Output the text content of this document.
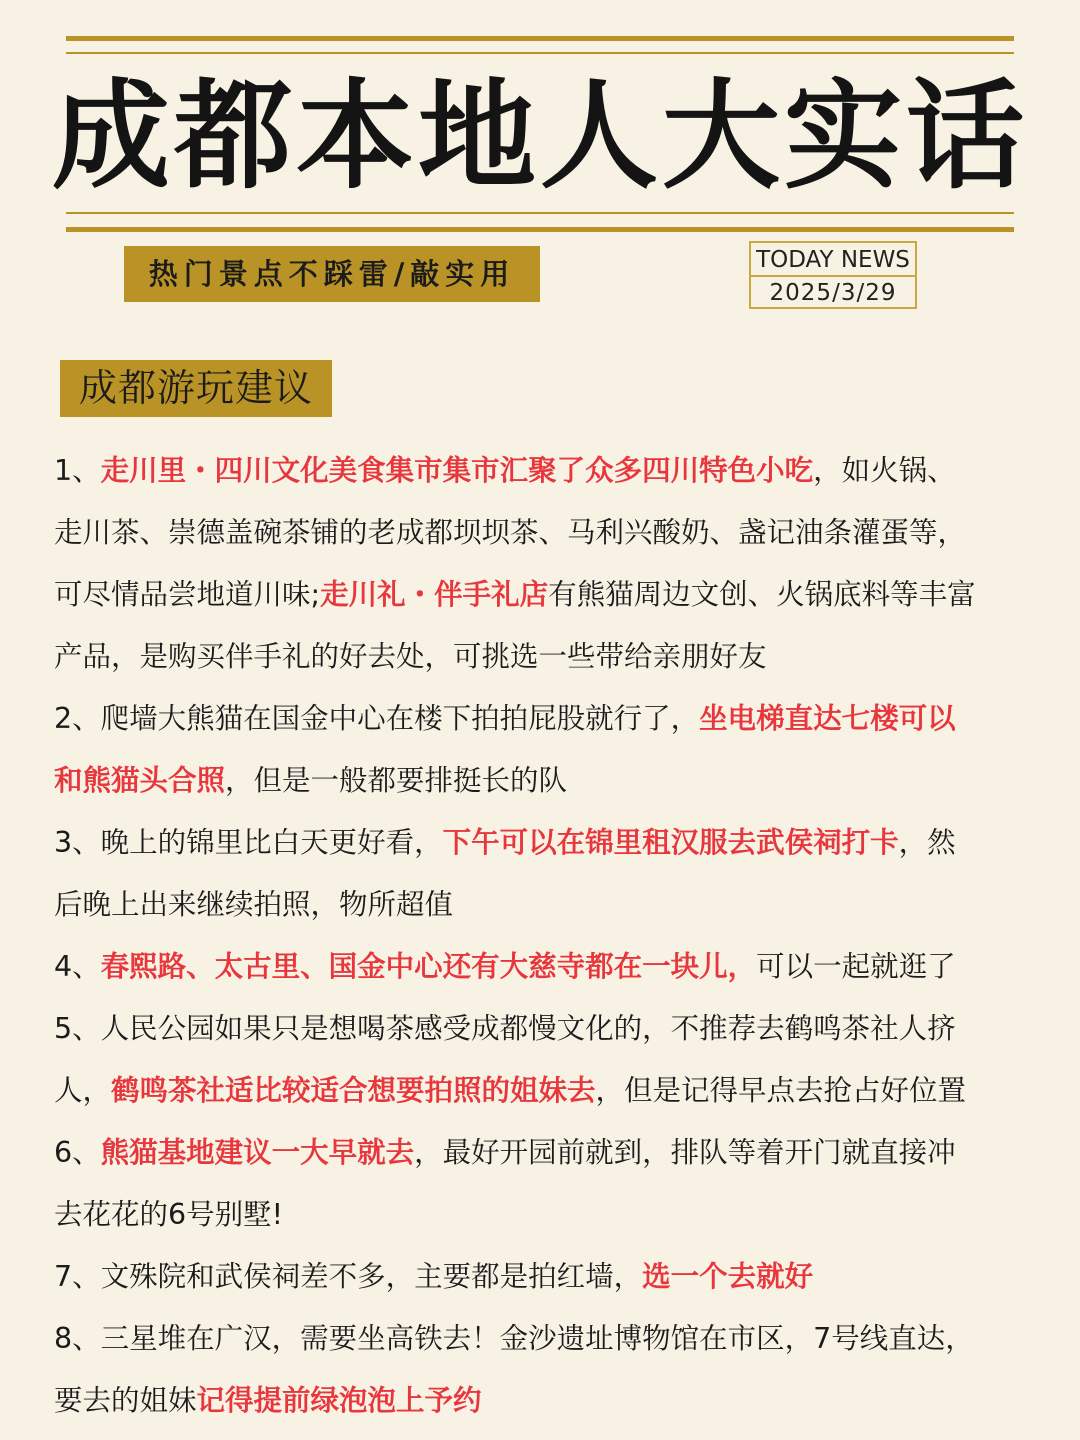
成都本地人大实话
热门景点不踩雷/敲实用	TODAY NEWS
2025/3/29
成都游玩建议
1、走川里・四川文化美食集市集市汇聚了众多四川特色小吃，如火锅、
走川茶、崇德盖碗茶铺的老成都坝坝茶、马利兴酸奶、盏记油条灌蛋等，
可尽情品尝地道川味;走川礼・伴手礼店有熊猫周边文创、火锅底料等丰富
产品，是购买伴手礼的好去处，可挑选一些带给亲朋好友
2、爬墙大熊猫在国金中心在楼下拍拍屁股就行了，坐电梯直达七楼可以
和熊猫头合照，但是一般都要排挺长的队
3、晚上的锦里比白天更好看，下午可以在锦里租汉服去武侯祠打卡，然
后晚上出来继续拍照，物所超值
4、春熙路、太古里、国金中心还有大慈寺都在一块儿，可以一起就逛了
5、人民公园如果只是想喝茶感受成都慢文化的，不推荐去鹤鸣茶社人挤
人，鹤鸣茶社适比较适合想要拍照的姐妹去，但是记得早点去抢占好位置
6、熊猫基地建议一大早就去，最好开园前就到，排队等着开门就直接冲
去花花的6号别墅!
7、文殊院和武侯祠差不多，主要都是拍红墙，选一个去就好
8、三星堆在广汉，需要坐高铁去！金沙遗址博物馆在市区，7号线直达，
要去的姐妹记得提前绿泡泡上予约
